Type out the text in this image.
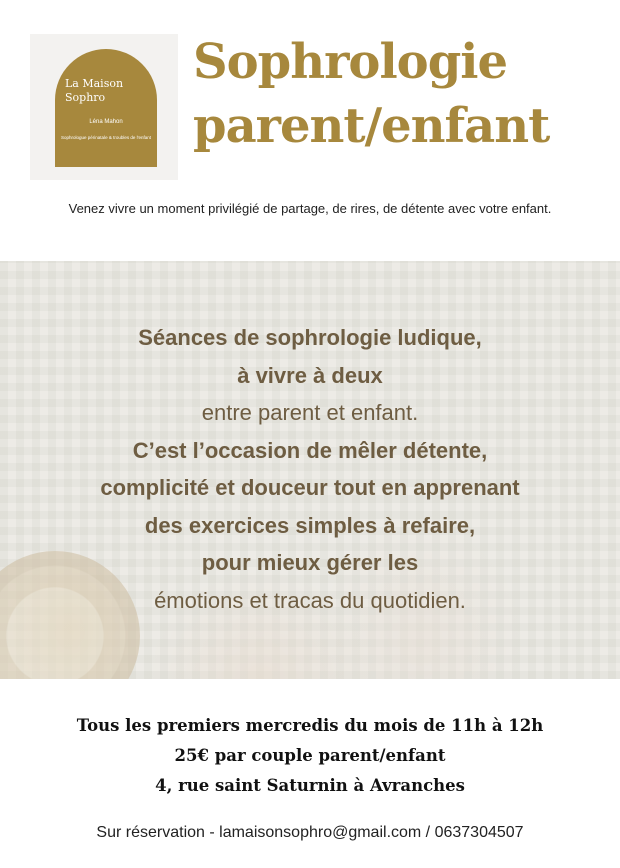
La Maison
Sophro
Léna Mahon
Sophrologue périnatale & troubles de l'enfant
Sophrologie
parent/enfant
Venez vivre un moment privilégié de partage, de rires, de détente avec votre enfant.
Séances de sophrologie ludique,
à vivre à deux
entre parent et enfant.
C’est l’occasion de mêler détente,
complicité et douceur tout en apprenant
des exercices simples à refaire,
pour mieux gérer les
émotions et tracas du quotidien.
Tous les premiers mercredis du mois de 11h à 12h
25€ par couple parent/enfant
4, rue saint Saturnin à Avranches
Sur réservation - lamaisonsophro@gmail.com / 0637304507
